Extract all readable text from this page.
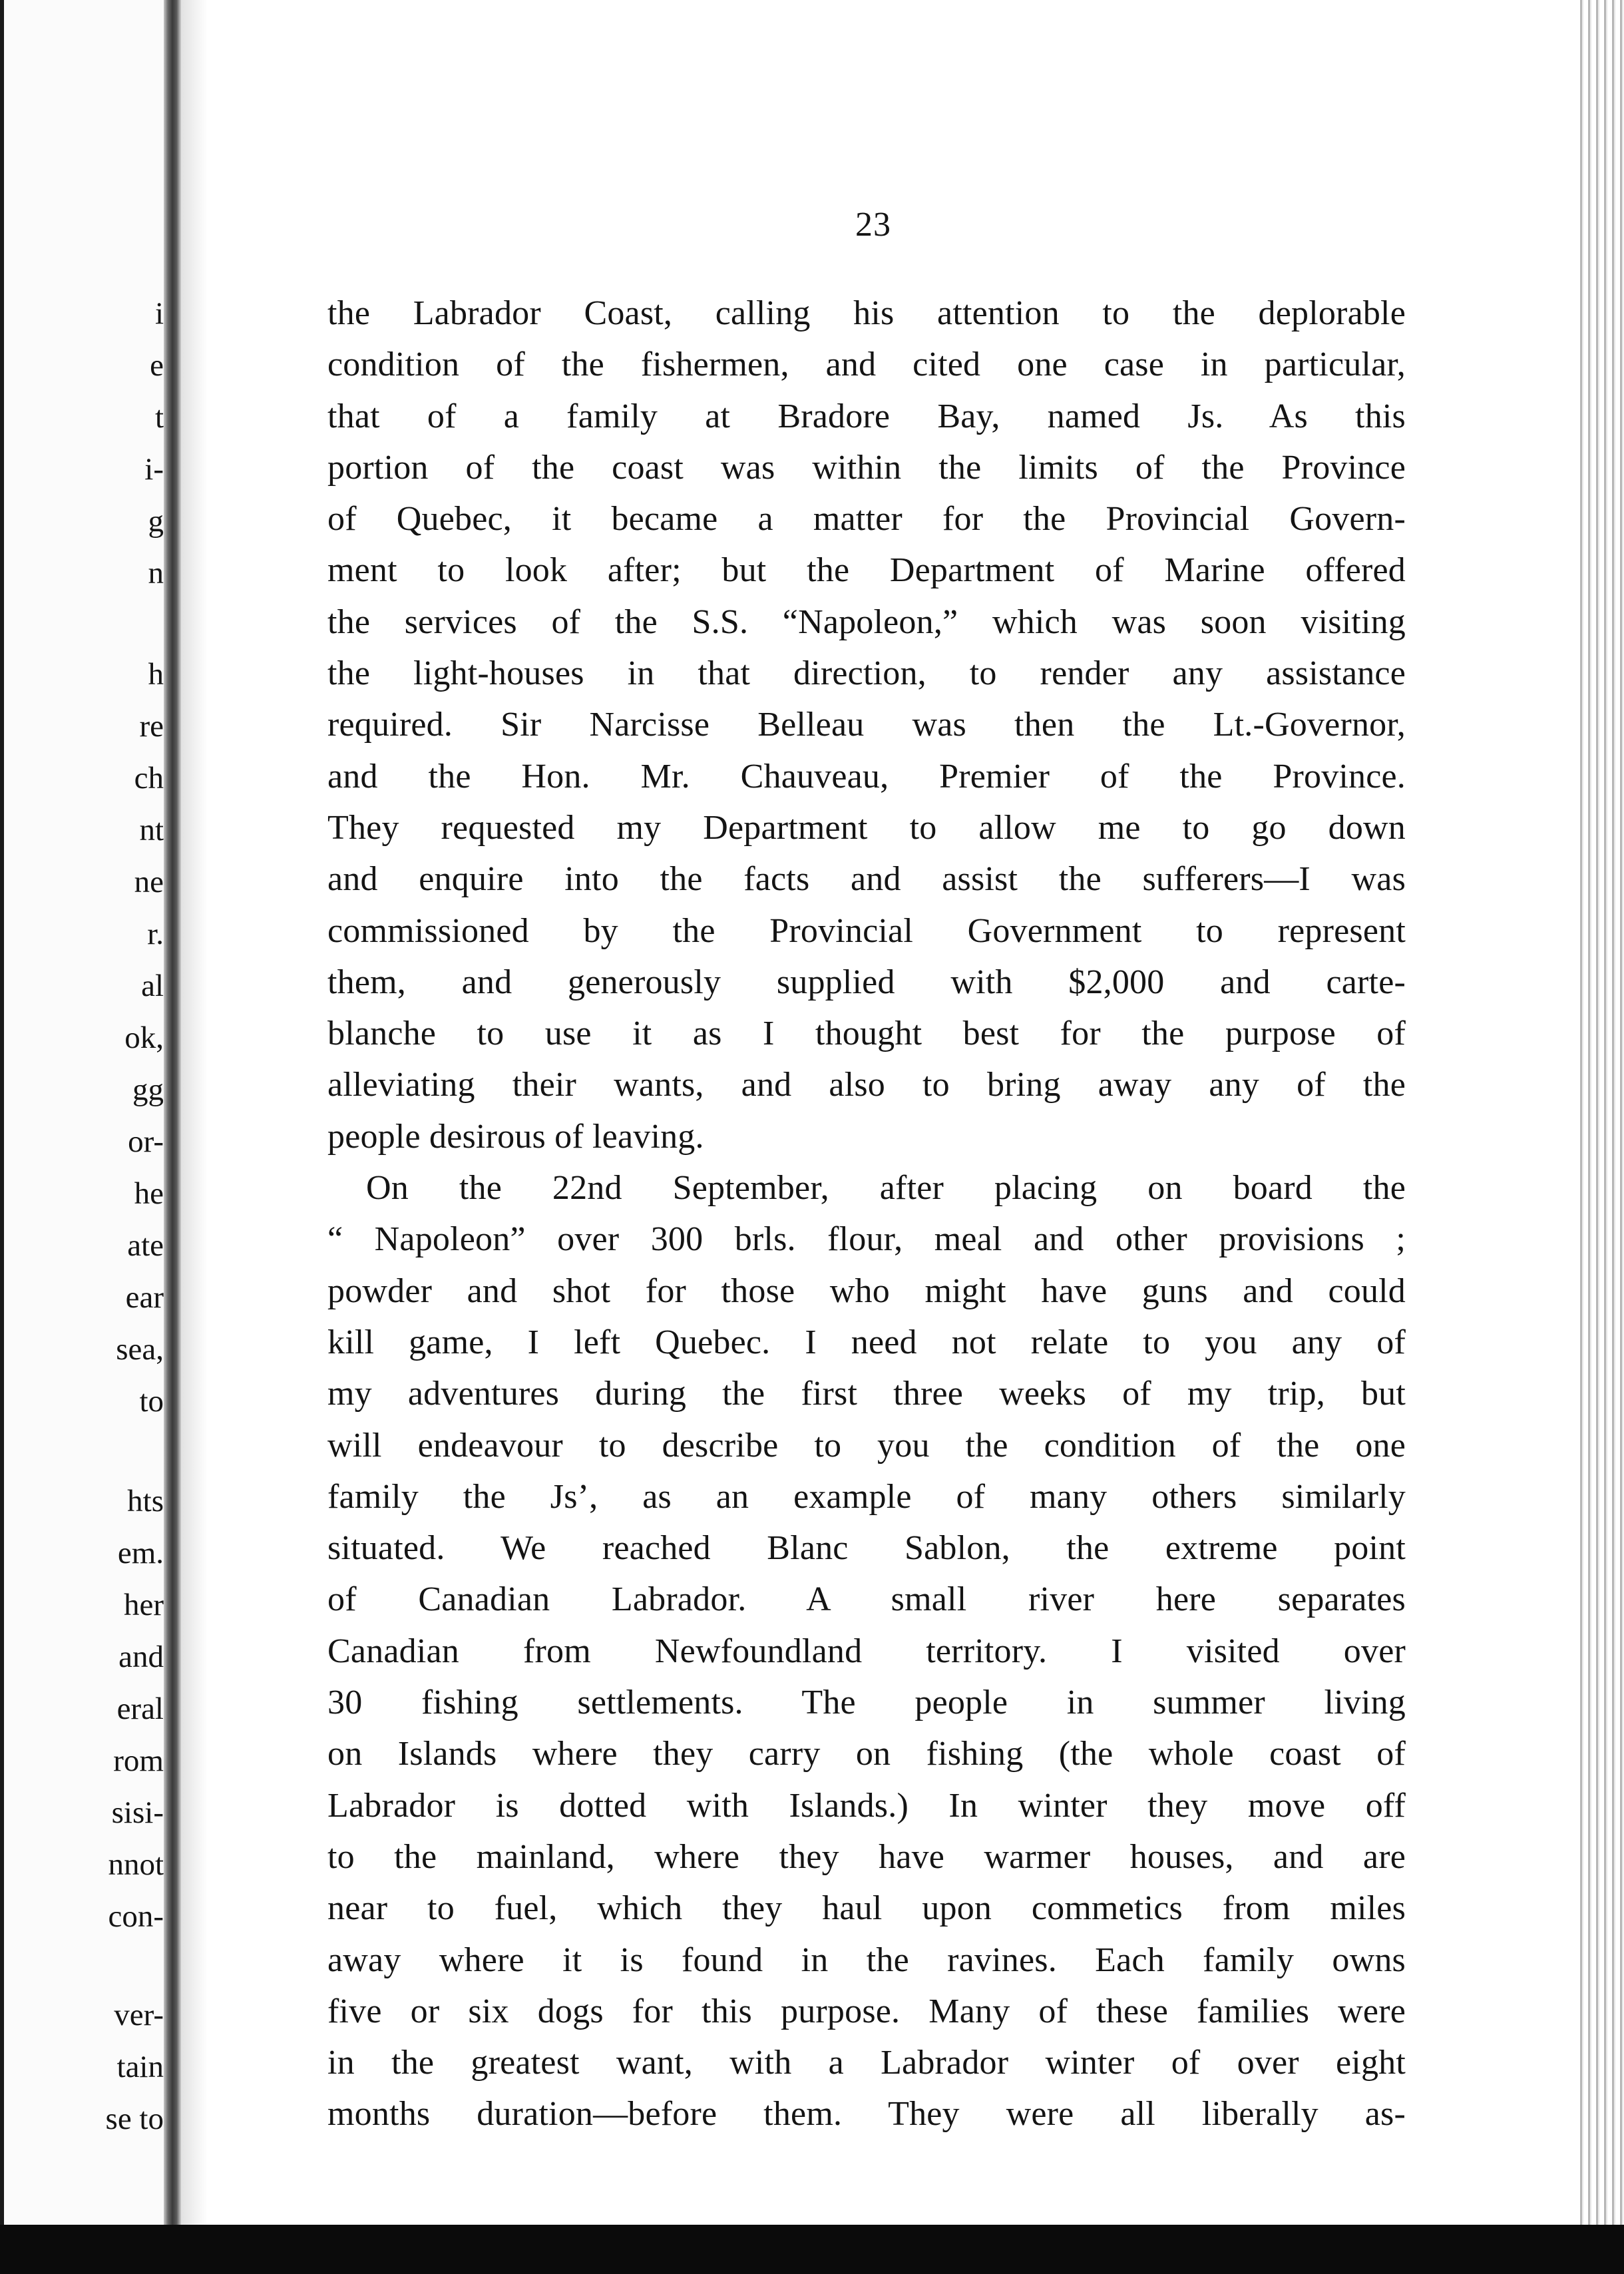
i
e
t
i-
g
n
h
re
ch
nt
ne
r.
al
ok,
gg
or-
he
ate
ear
sea,
to
hts
em.
her
and
eral
rom
sisi-
nnot
con-
ver-
tain
se to
23
the Labrador Coast, calling his attention to the deplorable
condition of the fishermen, and cited one case in particular,
that of a family at Bradore Bay, named Js. As this
portion of the coast was within the limits of the Province
of Quebec, it became a matter for the Provincial Govern-
ment to look after; but the Department of Marine offered
the services of the S.S. “Napoleon,” which was soon visiting
the light-houses in that direction, to render any assistance
required. Sir Narcisse Belleau was then the Lt.-Governor,
and the Hon. Mr. Chauveau, Premier of the Province.
They requested my Department to allow me to go down
and enquire into the facts and assist the sufferers—I was
commissioned by the Provincial Government to represent
them, and generously supplied with $2,000 and carte-
blanche to use it as I thought best for the purpose of
alleviating their wants, and also to bring away any of the
people desirous of leaving.
On the 22nd September, after placing on board the
“ Napoleon” over 300 brls. flour, meal and other provisions ;
powder and shot for those who might have guns and could
kill game, I left Quebec. I need not relate to you any of
my adventures during the first three weeks of my trip, but
will endeavour to describe to you the condition of the one
family the Js’, as an example of many others similarly
situated. We reached Blanc Sablon, the extreme point
of Canadian Labrador. A small river here separates
Canadian from Newfoundland territory. I visited over
30 fishing settlements. The people in summer living
on Islands where they carry on fishing (the whole coast of
Labrador is dotted with Islands.) In winter they move off
to the mainland, where they have warmer houses, and are
near to fuel, which they haul upon commetics from miles
away where it is found in the ravines. Each family owns
five or six dogs for this purpose. Many of these families were
in the greatest want, with a Labrador winter of over eight
months duration—before them. They were all liberally as-
